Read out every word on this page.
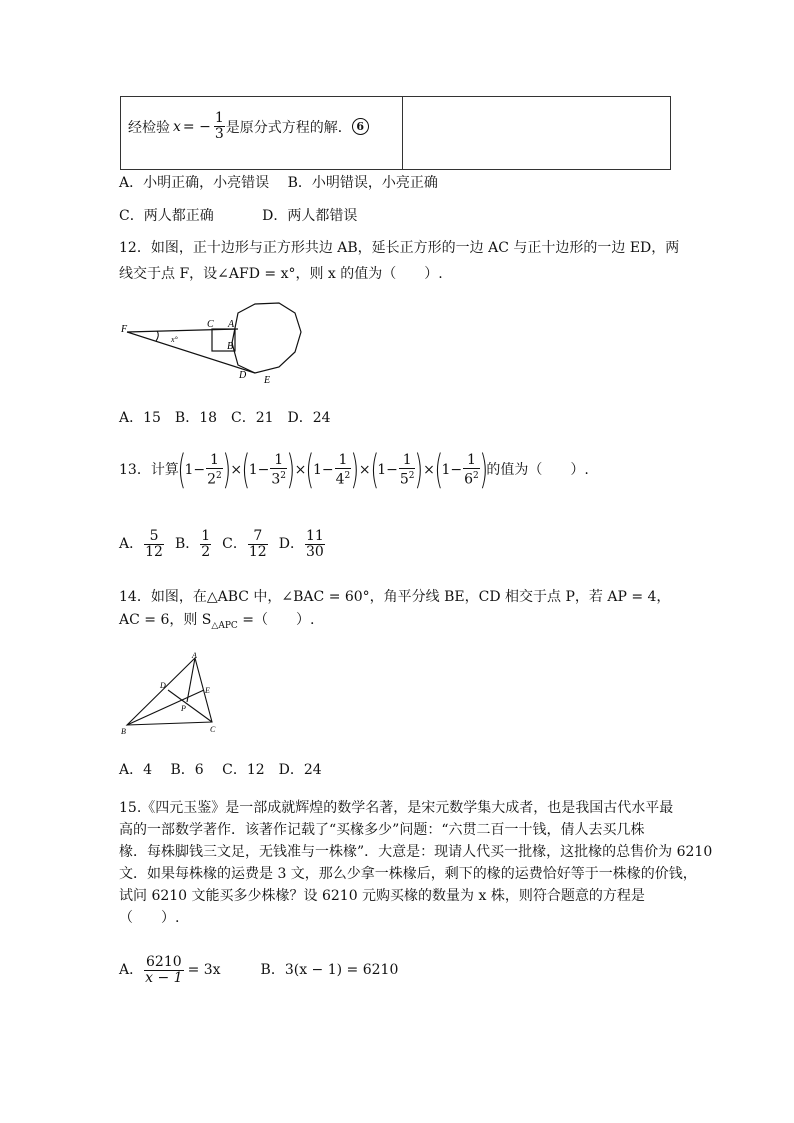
经检验 x = − $\frac{1}{3}$ 是原分式方程的解． 6
A．小明正确，小亮错误 B．小明错误，小亮正确
C．两人都正确	D．两人都错误
12．如图，正十边形与正方形共边 AB，延长正方形的一边 AC 与正十边形的一边 ED，两
线交于点 F，设∠AFD = x°，则 x 的值为（　　）.
F	C A
B
D E
x°
A．15　B．18　C．21　D．24
13．计算
(
$1- \frac{1}{2^2}$ ) × (
$1- \frac{1}{3^2}$ ) × (
$1- \frac{1}{4^2}$ ) × (
$1- \frac{1}{5^2}$ ) × (
$1- \frac{1}{6^2}$ )
的值为（　　）.
A． $\frac{5}{12}$ B． $\frac{1}{2}$ C． $\frac{7}{12}$ D． $\frac{11}{30}$
14．如图，在△ABC 中，∠BAC = 60°，角平分线 BE，CD 相交于点 P，若 AP = 4，
AC = 6，则 $S_{\triangle APC}$ =（　　）.
A
B	C
D
E
P
A．4　 B．6　 C．12　D．24
15.《四元玉鉴》是一部成就辉煌的数学名著，是宋元数学集大成者，也是我国古代水平最
高的一部数学著作．该著作记载了“买椽多少”问题：“六贯二百一十钱，倩人去买几株
椽．每株脚钱三文足，无钱准与一株椽”．大意是：现请人代买一批椽，这批椽的总售价为 6210
文．如果每株椽的运费是 3 文，那么少拿一株椽后，剩下的椽的运费恰好等于一株椽的价钱，
试问 6210 文能买多少株椽？设 6210 元购买椽的数量为 x 株，则符合题意的方程是
（　　）.
A． $\frac{6210}{x - 1} = 3x$	B．3(x − 1) = 6210
